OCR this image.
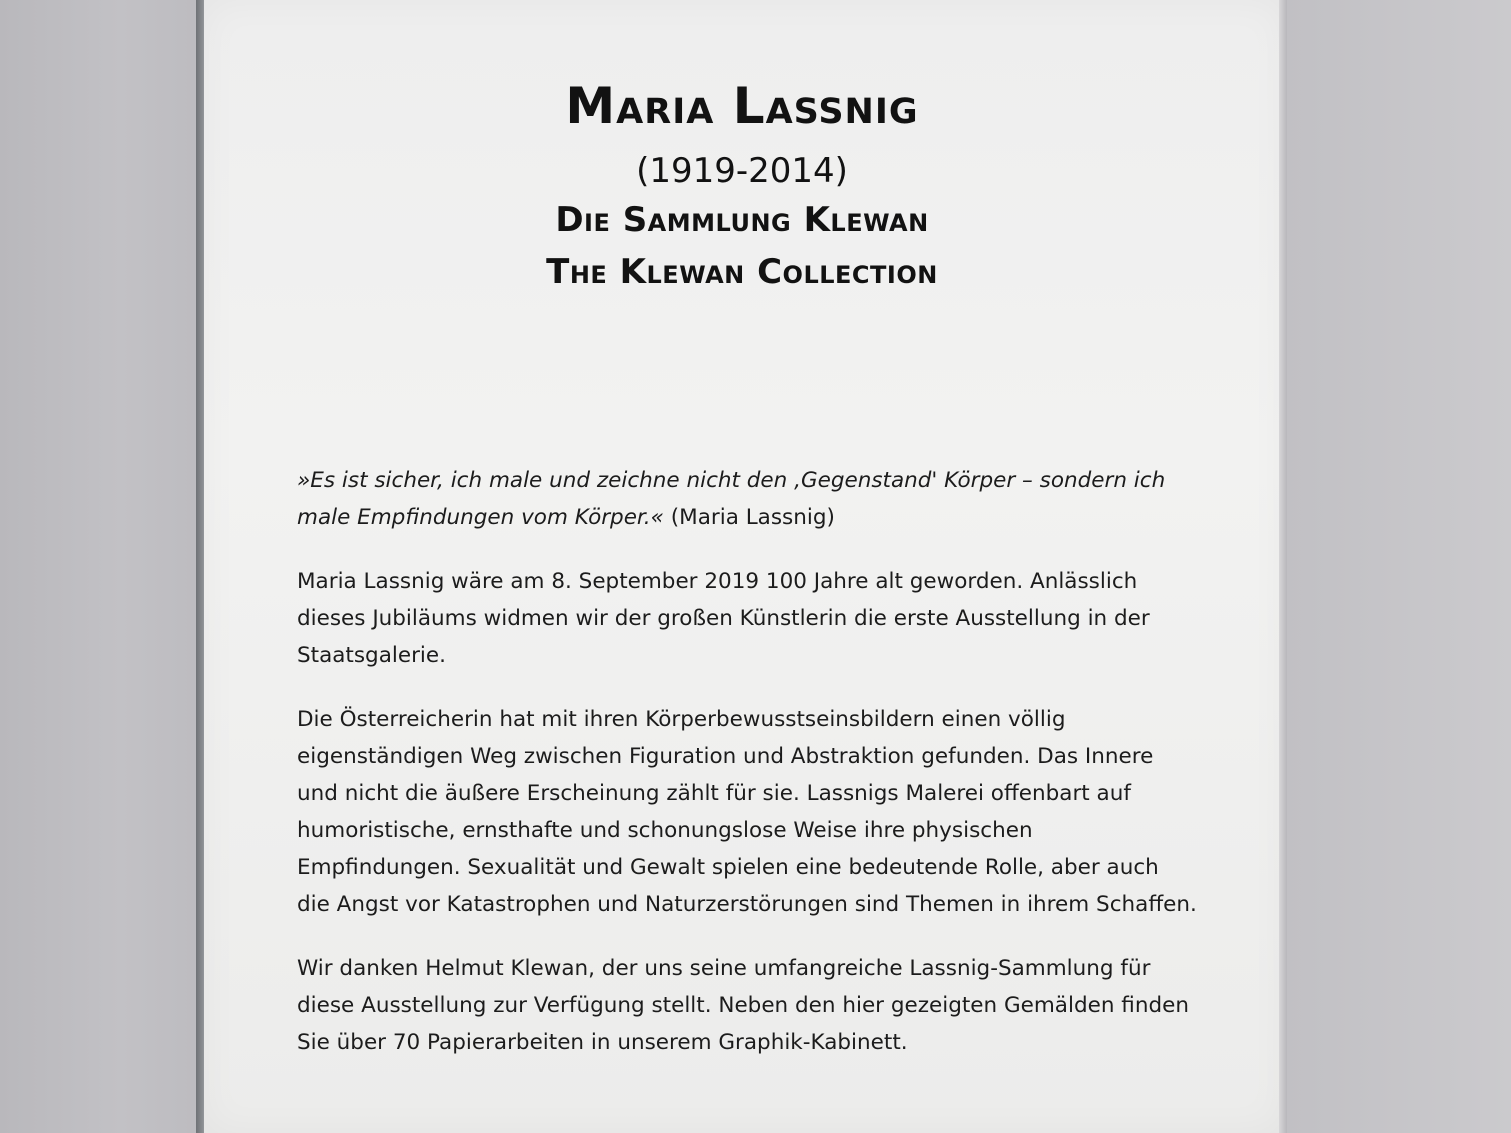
Maria Lassnig
(1919-2014)
Die Sammlung Klewan
The Klewan Collection

»Es ist sicher, ich male und zeichne nicht den ‚Gegenstand' Körper – sondern ich male Empfindungen vom Körper.« (Maria Lassnig)

Maria Lassnig wäre am 8. September 2019 100 Jahre alt geworden. Anlässlich dieses Jubiläums widmen wir der großen Künstlerin die erste Ausstellung in der Staatsgalerie.

Die Österreicherin hat mit ihren Körperbewusstseinsbildern einen völlig eigenständigen Weg zwischen Figuration und Abstraktion gefunden. Das Innere und nicht die äußere Erscheinung zählt für sie. Lassnigs Malerei offenbart auf humoristische, ernsthafte und schonungslose Weise ihre physischen Empfindungen. Sexualität und Gewalt spielen eine bedeutende Rolle, aber auch die Angst vor Katastrophen und Naturzerstörungen sind Themen in ihrem Schaffen.

Wir danken Helmut Klewan, der uns seine umfangreiche Lassnig-Sammlung für diese Ausstellung zur Verfügung stellt. Neben den hier gezeigten Gemälden finden Sie über 70 Papierarbeiten in unserem Graphik-Kabinett.
